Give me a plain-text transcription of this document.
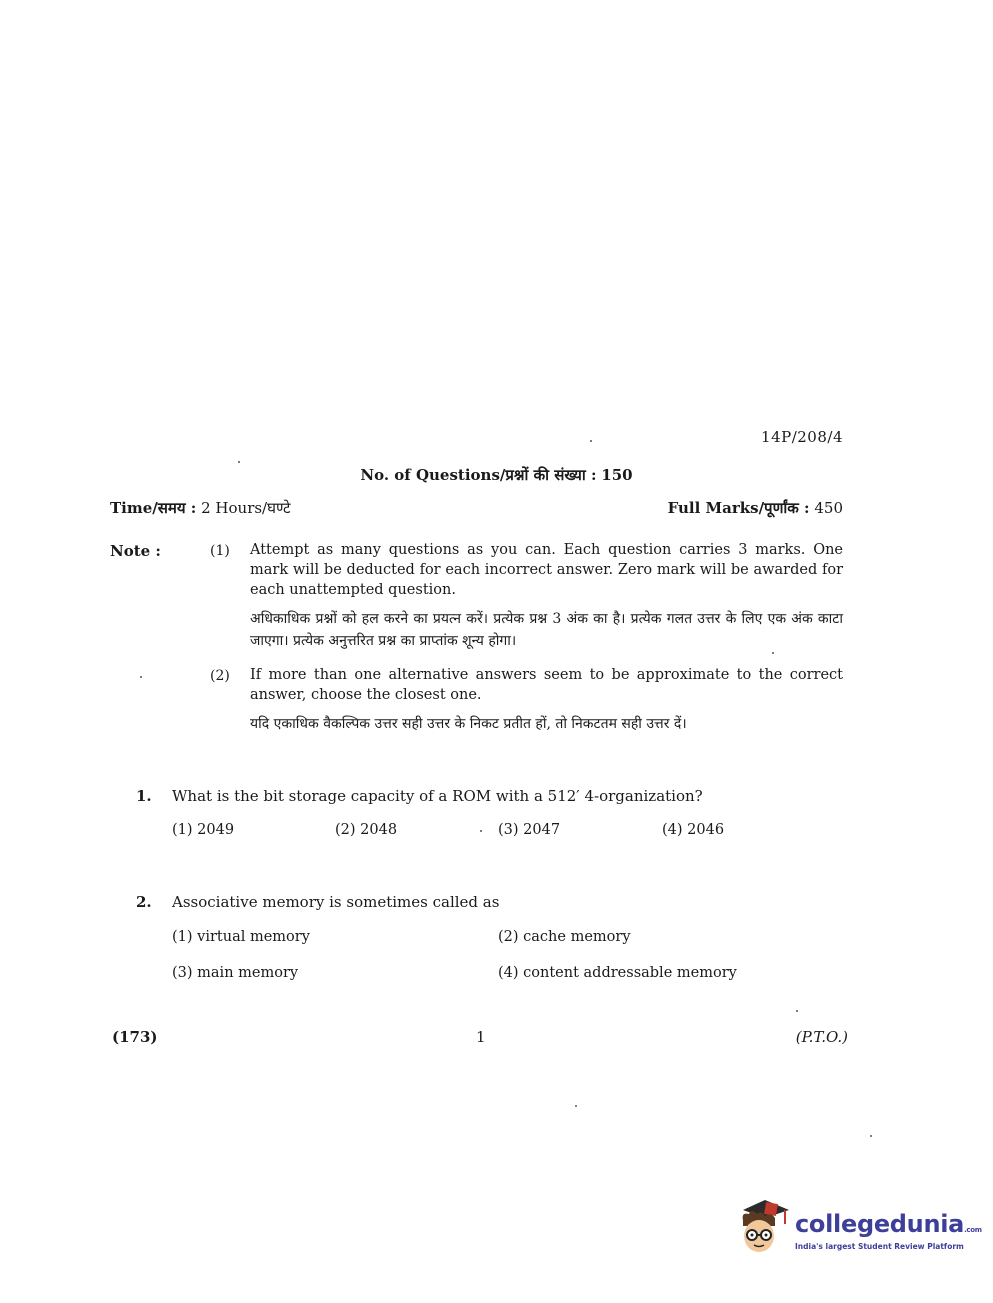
14P/208/4
No. of Questions/प्रश्नों की संख्या : 150
Time/समय : 2 Hours/घण्टे	Full Marks/पूर्णांक : 450
Note :	(1) Attempt as many questions as you can. Each question carries 3 marks. One mark will be deducted for each incorrect answer. Zero mark will be awarded for each unattempted question.
अधिकाधिक प्रश्नों को हल करने का प्रयत्न करें। प्रत्येक प्रश्न 3 अंक का है। प्रत्येक गलत उत्तर के लिए एक अंक काटा जाएगा। प्रत्येक अनुत्तरित प्रश्न का प्राप्तांक शून्य होगा।
(2) If more than one alternative answers seem to be approximate to the correct answer, choose the closest one.
यदि एकाधिक वैकल्पिक उत्तर सही उत्तर के निकट प्रतीत हों, तो निकटतम सही उत्तर दें।
1. What is the bit storage capacity of a ROM with a 512′ 4-organization?
(1) 2049	(2) 2048	(3) 2047	(4) 2046
2. Associative memory is sometimes called as
(1) virtual memory	(2) cache memory
(3) main memory	(4) content addressable memory
(173)	1	(P.T.O.)
collegedunia.com
India's largest Student Review Platform
